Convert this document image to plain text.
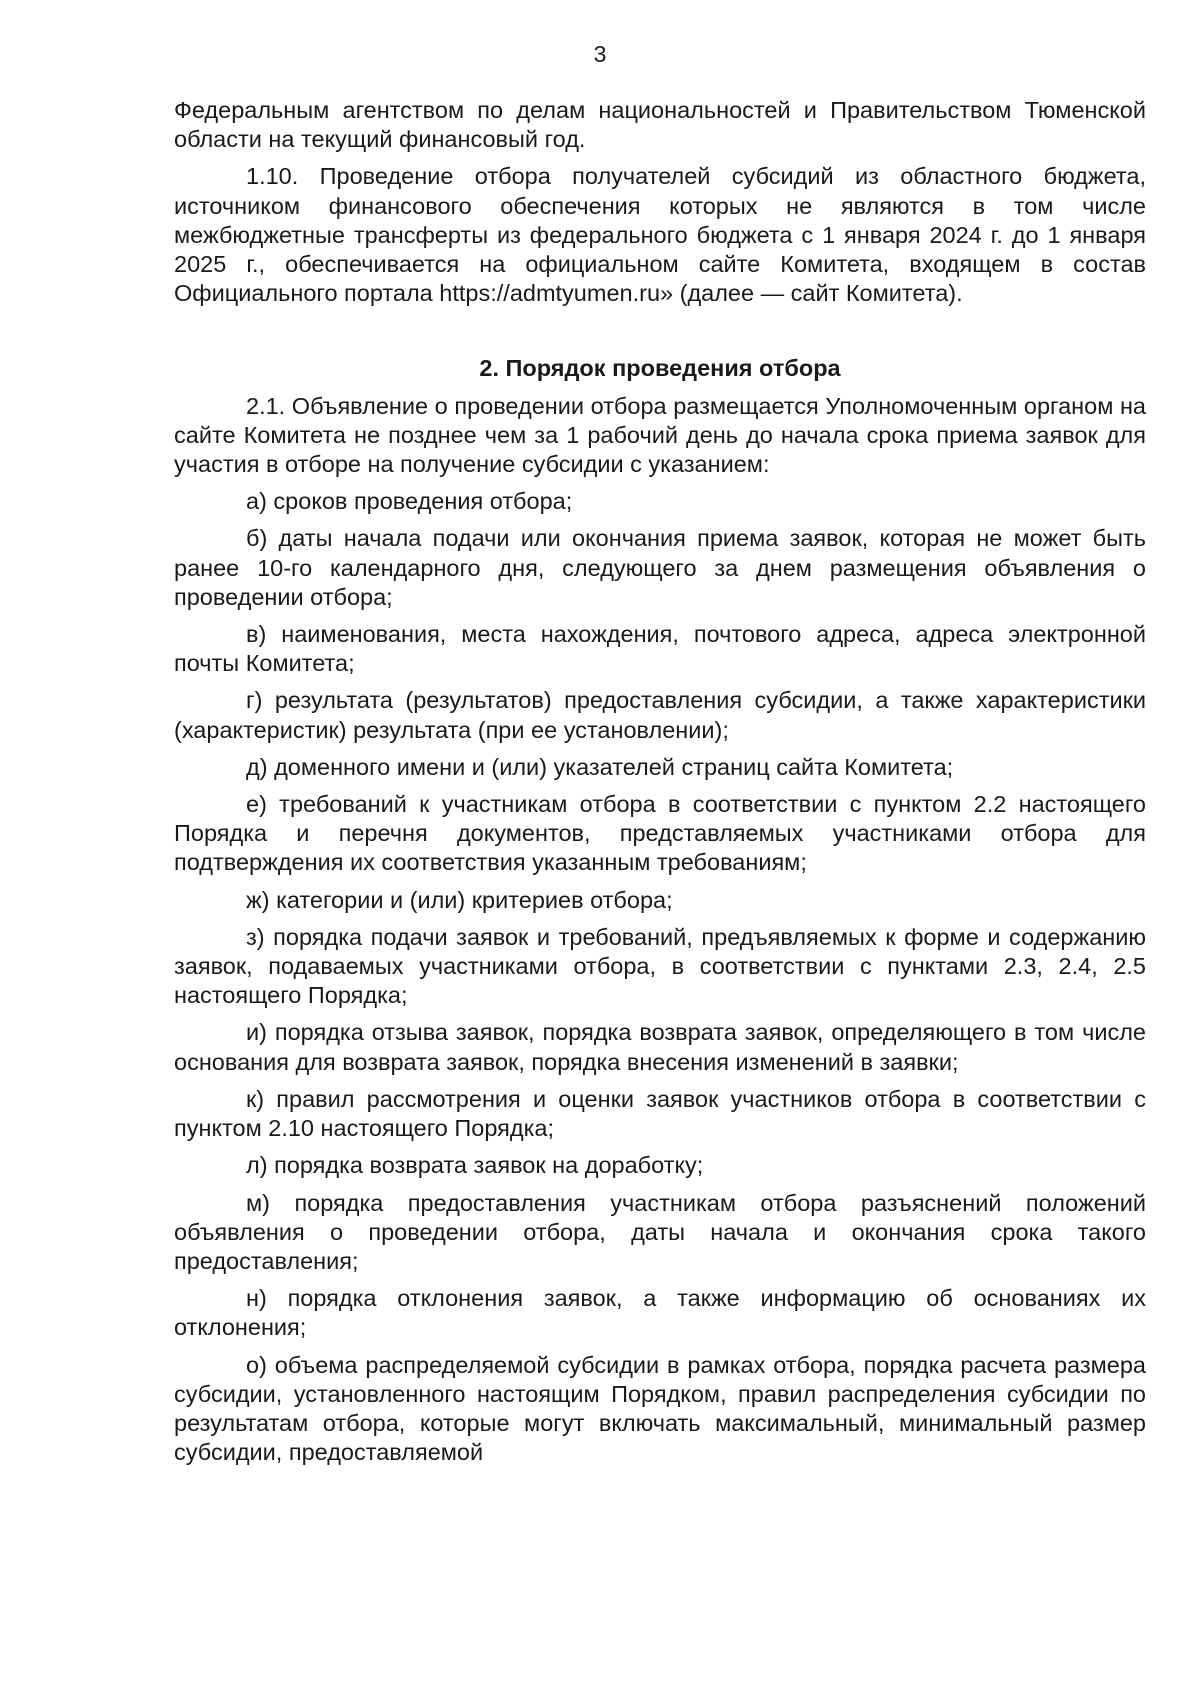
3

Федеральным агентством по делам национальностей и Правительством Тюменской области на текущий финансовый год.

1.10. Проведение отбора получателей субсидий из областного бюджета, источником финансового обеспечения которых не являются в том числе межбюджетные трансферты из федерального бюджета с 1 января 2024 г. до 1 января 2025 г., обеспечивается на официальном сайте Комитета, входящем в состав Официального портала https://admtyumen.ru» (далее — сайт Комитета).

2. Порядок проведения отбора

2.1. Объявление о проведении отбора размещается Уполномоченным органом на сайте Комитета не позднее чем за 1 рабочий день до начала срока приема заявок для участия в отборе на получение субсидии с указанием:

а) сроков проведения отбора;

б) даты начала подачи или окончания приема заявок, которая не может быть ранее 10-го календарного дня, следующего за днем размещения объявления о проведении отбора;

в) наименования, места нахождения, почтового адреса, адреса электронной почты Комитета;

г) результата (результатов) предоставления субсидии, а также характеристики (характеристик) результата (при ее установлении);

д) доменного имени и (или) указателей страниц сайта Комитета;

е) требований к участникам отбора в соответствии с пунктом 2.2 настоящего Порядка и перечня документов, представляемых участниками отбора для подтверждения их соответствия указанным требованиям;

ж) категории и (или) критериев отбора;

з) порядка подачи заявок и требований, предъявляемых к форме и содержанию заявок, подаваемых участниками отбора, в соответствии с пунктами 2.3, 2.4, 2.5 настоящего Порядка;

и) порядка отзыва заявок, порядка возврата заявок, определяющего в том числе основания для возврата заявок, порядка внесения изменений в заявки;

к) правил рассмотрения и оценки заявок участников отбора в соответствии с пунктом 2.10 настоящего Порядка;

л) порядка возврата заявок на доработку;

м) порядка предоставления участникам отбора разъяснений положений объявления о проведении отбора, даты начала и окончания срока такого предоставления;

н) порядка отклонения заявок, а также информацию об основаниях их отклонения;

о) объема распределяемой субсидии в рамках отбора, порядка расчета размера субсидии, установленного настоящим Порядком, правил распределения субсидии по результатам отбора, которые могут включать максимальный, минимальный размер субсидии, предоставляемой
